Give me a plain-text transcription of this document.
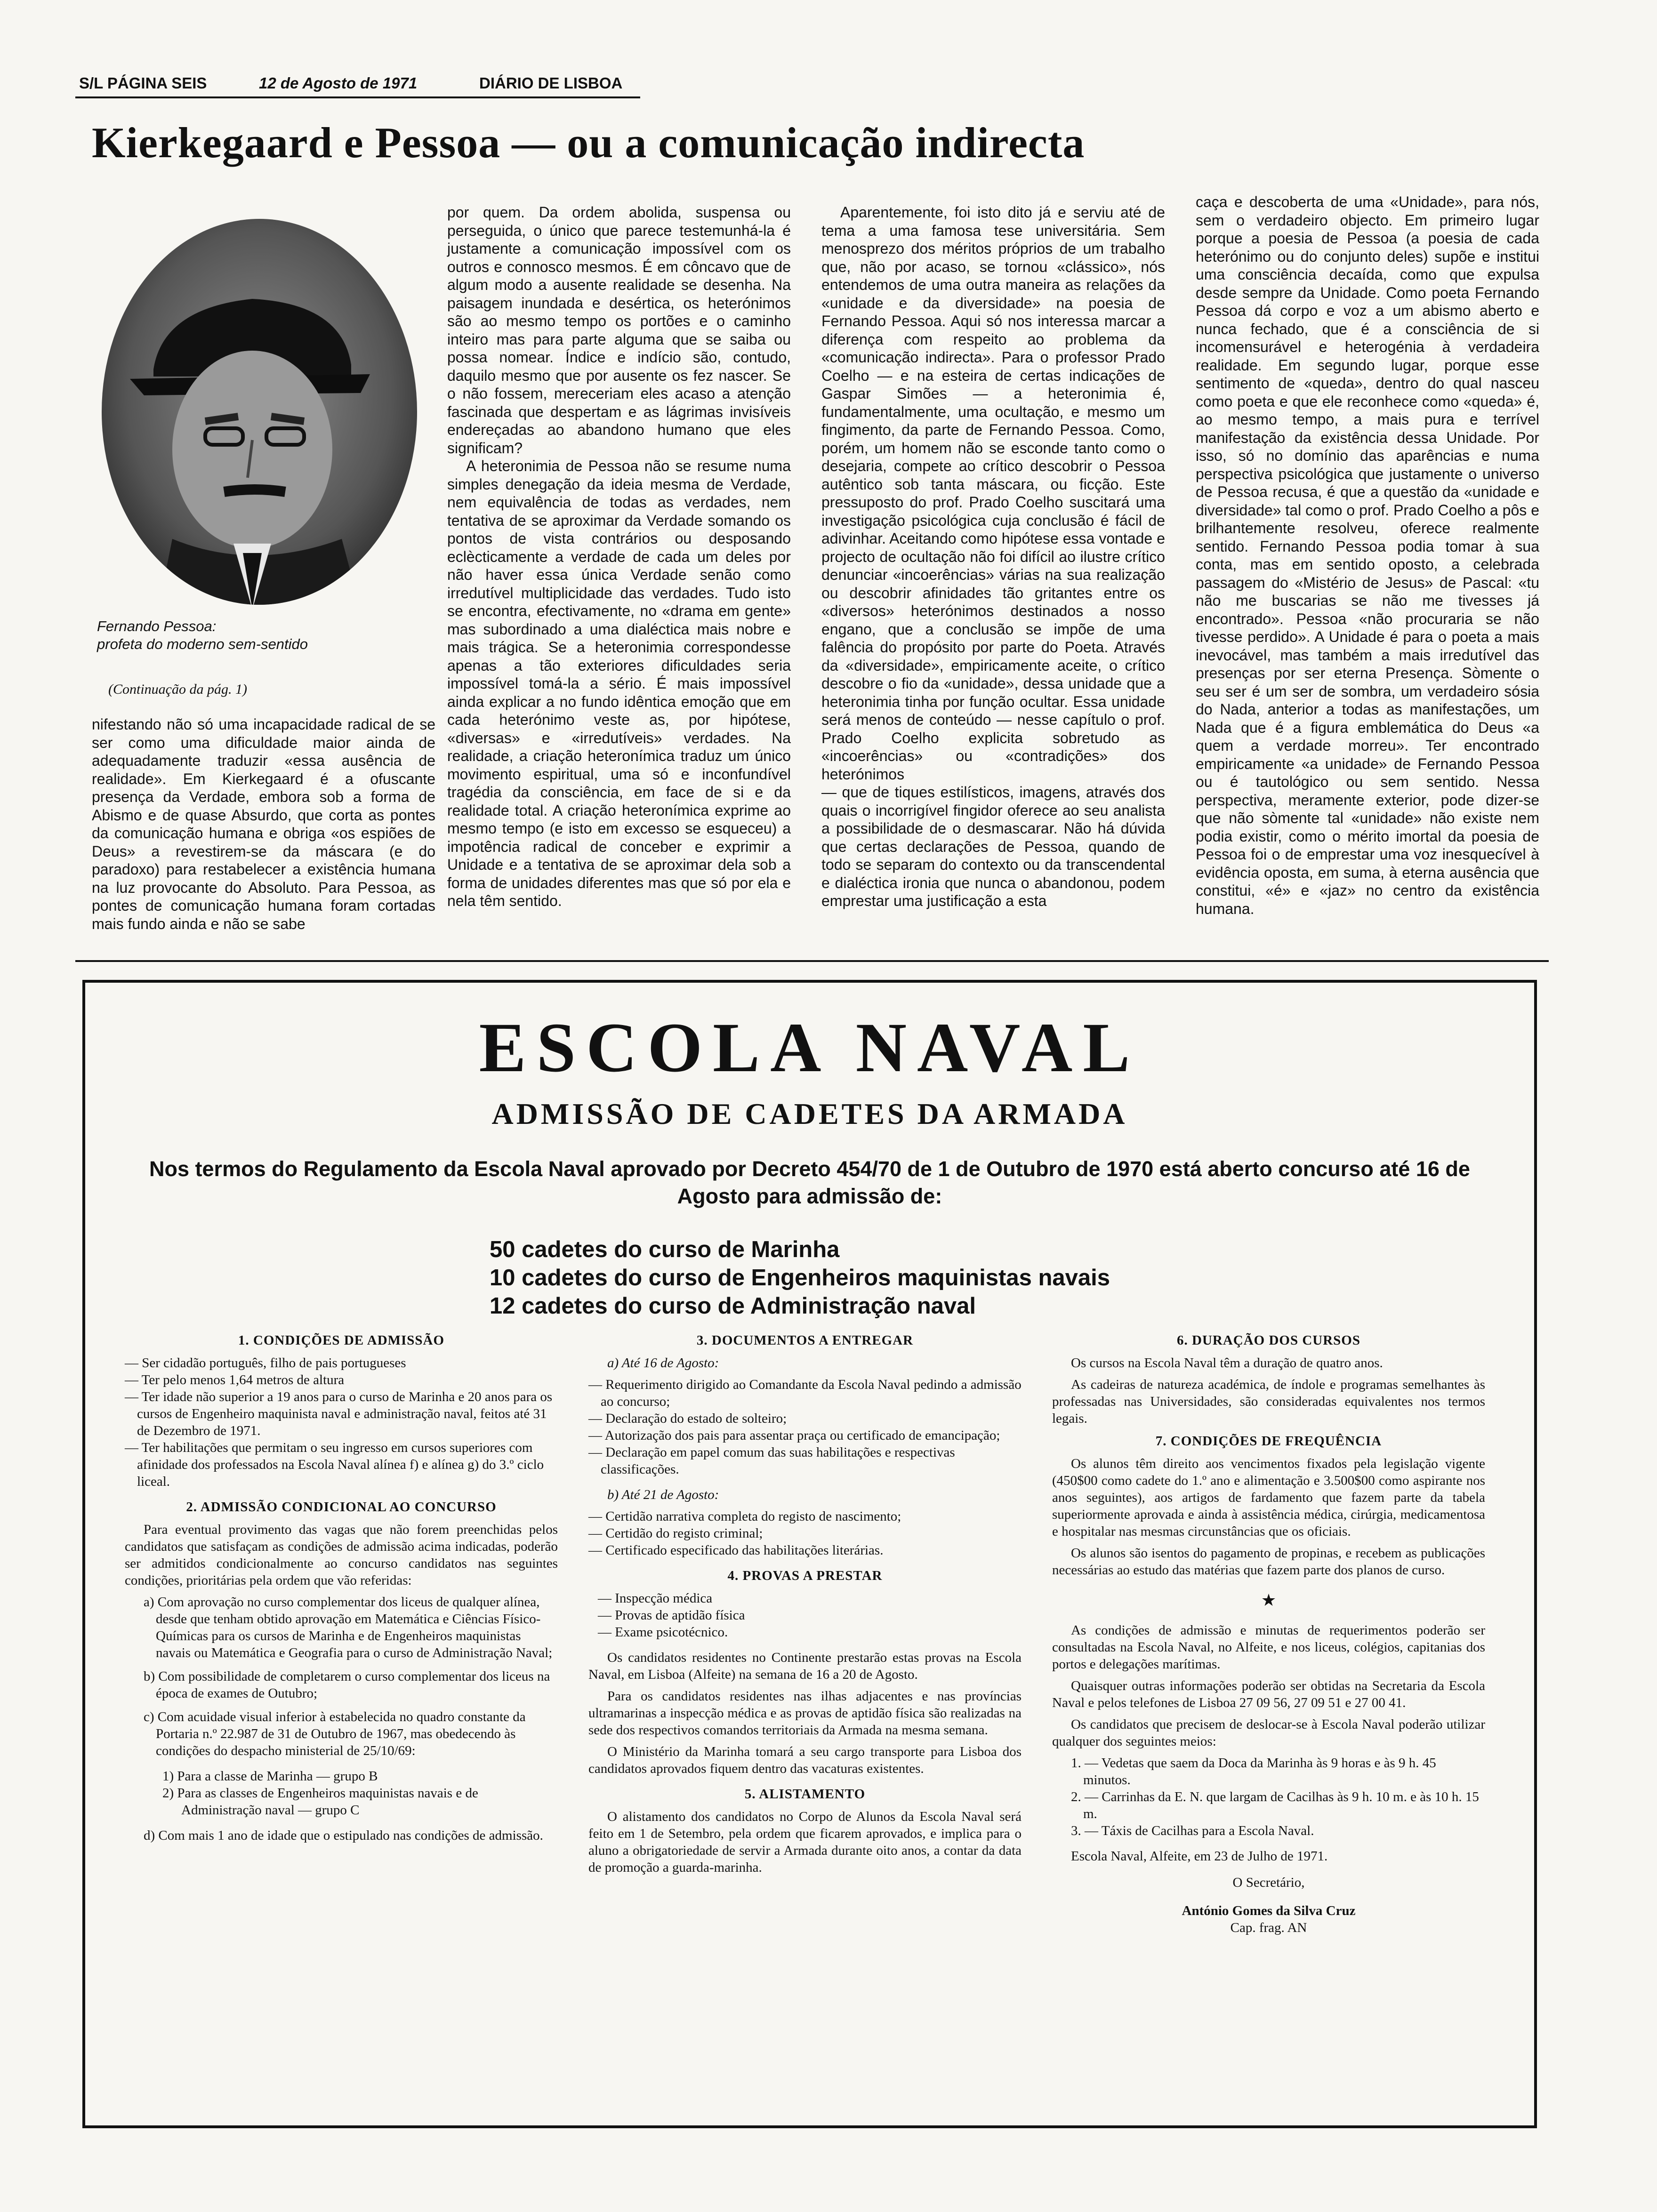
S/L PÁGINA SEIS	12 de Agosto de 1971	DIÁRIO DE LISBOA
Kierkegaard e Pessoa — ou a comunicação indirecta
Fernando Pessoa:
profeta do moderno sem-sentido
(Continuação da pág. 1)

nifestando não só uma incapacidade radical de se ser como uma dificuldade maior ainda de adequadamente traduzir «essa ausência de realidade». Em Kierkegaard é a ofuscante presença da Verdade, embora sob a forma de Abismo e de quase Absurdo, que corta as pontes da comunicação humana e obriga «os espiões de Deus» a revestirem-se da máscara (e do paradoxo) para restabelecer a existência humana na luz provocante do Absoluto. Para Pessoa, as pontes de comunicação humana foram cortadas mais fundo ainda e não se sabe

por quem. Da ordem abolida, suspensa ou perseguida, o único que parece testemunhá-la é justamente a comunicação impossível com os outros e connosco mesmos. É em côncavo que de algum modo a ausente realidade se desenha. Na paisagem inundada e desértica, os heterónimos são ao mesmo tempo os portões e o caminho inteiro mas para parte alguma que se saiba ou possa nomear. Índice e indício são, contudo, daquilo mesmo que por ausente os fez nascer. Se o não fossem, mereceriam eles acaso a atenção fascinada que despertam e as lágrimas invisíveis endereçadas ao abandono humano que eles significam?

A heteronimia de Pessoa não se resume numa simples denegação da ideia mesma de Verdade, nem equivalência de todas as verdades, nem tentativa de se aproximar da Verdade somando os pontos de vista contrários ou desposando eclècticamente a verdade de cada um deles por não haver essa única Verdade senão como irredutível multiplicidade das verdades. Tudo isto se encontra, efectivamente, no «drama em gente» mas subordinado a uma dialéctica mais nobre e mais trágica. Se a heteronimia correspondesse apenas a tão exteriores dificuldades seria impossível tomá-la a sério. É mais impossível ainda explicar a no fundo idêntica emoção que em cada heterónimo veste as, por hipótese, «diversas» e «irredutíveis» verdades. Na realidade, a criação heteronímica traduz um único movimento espiritual, uma só e inconfundível tragédia da consciência, em face de si e da realidade total. A criação heteronímica exprime ao mesmo tempo (e isto em excesso se esqueceu) a impotência radical de conceber e exprimir a Unidade e a tentativa de se aproximar dela sob a forma de unidades diferentes mas que só por ela e nela têm sentido.

Aparentemente, foi isto dito já e serviu até de tema a uma famosa tese universitária. Sem menosprezo dos méritos próprios de um trabalho que, não por acaso, se tornou «clássico», nós entendemos de uma outra maneira as relações da «unidade e da diversidade» na poesia de Fernando Pessoa. Aqui só nos interessa marcar a diferença com respeito ao problema da «comunicação indirecta». Para o professor Prado Coelho — e na esteira de certas indicações de Gaspar Simões — a heteronimia é, fundamentalmente, uma ocultação, e mesmo um fingimento, da parte de Fernando Pessoa. Como, porém, um homem não se esconde tanto como o desejaria, compete ao crítico descobrir o Pessoa autêntico sob tanta máscara, ou ficção. Este pressuposto do prof. Prado Coelho suscitará uma investigação psicológica cuja conclusão é fácil de adivinhar. Aceitando como hipótese essa vontade e projecto de ocultação não foi difícil ao ilustre crítico denunciar «incoerências» várias na sua realização ou descobrir afinidades tão gritantes entre os «diversos» heterónimos destinados a nosso engano, que a conclusão se impõe de uma falência do propósito por parte do Poeta. Através da «diversidade», empiricamente aceite, o crítico descobre o fio da «unidade», dessa unidade que a heteronimia tinha por função ocultar. Essa unidade será menos de conteúdo — nesse capítulo o prof. Prado Coelho explicita sobretudo as «incoerências» ou «contradições» dos heterónimos

— que de tiques estilísticos, imagens, através dos quais o incorrigível fingidor oferece ao seu analista a possibilidade de o desmascarar. Não há dúvida que certas declarações de Pessoa, quando de todo se separam do contexto ou da transcendental e dialéctica ironia que nunca o abandonou, podem emprestar uma justificação a esta

caça e descoberta de uma «Unidade», para nós, sem o verdadeiro objecto. Em primeiro lugar porque a poesia de Pessoa (a poesia de cada heterónimo ou do conjunto deles) supõe e institui uma consciência decaída, como que expulsa desde sempre da Unidade. Como poeta Fernando Pessoa dá corpo e voz a um abismo aberto e nunca fechado, que é a consciência de si incomensurável e heterogénia à verdadeira realidade. Em segundo lugar, porque esse sentimento de «queda», dentro do qual nasceu como poeta e que ele reconhece como «queda» é, ao mesmo tempo, a mais pura e terrível manifestação da existência dessa Unidade. Por isso, só no domínio das aparências e numa perspectiva psicológica que justamente o universo de Pessoa recusa, é que a questão da «unidade e diversidade» tal como o prof. Prado Coelho a pôs e brilhantemente resolveu, oferece realmente sentido. Fernando Pessoa podia tomar à sua conta, mas em sentido oposto, a celebrada passagem do «Mistério de Jesus» de Pascal: «tu não me buscarias se não me tivesses já encontrado». Pessoa «não procuraria se não tivesse perdido». A Unidade é para o poeta a mais inevocável, mas também a mais irredutível das presenças por ser eterna Presença. Sòmente o seu ser é um ser de sombra, um verdadeiro sósia do Nada, anterior a todas as manifestações, um Nada que é a figura emblemática do Deus «a quem a verdade morreu». Ter encontrado empiricamente «a unidade» de Fernando Pessoa ou é tautológico ou sem sentido. Nessa perspectiva, meramente exterior, pode dizer-se que não sòmente tal «unidade» não existe nem podia existir, como o mérito imortal da poesia de Pessoa foi o de emprestar uma voz inesquecível à evidência oposta, em suma, à eterna ausência que constitui, «é» e «jaz» no centro da existência humana.

ESCOLA NAVAL
ADMISSÃO DE CADETES DA ARMADA
Nos termos do Regulamento da Escola Naval aprovado por Decreto 454/70 de 1 de Outubro de 1970 está aberto concurso até 16 de Agosto para admissão de:
50 cadetes do curso de Marinha
10 cadetes do curso de Engenheiros maquinistas navais
12 cadetes do curso de Administração naval
1. CONDIÇÕES DE ADMISSÃO
— Ser cidadão português, filho de pais portugueses
— Ter pelo menos 1,64 metros de altura
— Ter idade não superior a 19 anos para o curso de Marinha e 20 anos para os cursos de Engenheiro maquinista naval e administração naval, feitos até 31 de Dezembro de 1971.
— Ter habilitações que permitam o seu ingresso em cursos superiores com afinidade dos professados na Escola Naval alínea f) e alínea g) do 3.º ciclo liceal.
2. ADMISSÃO CONDICIONAL AO CONCURSO

Para eventual provimento das vagas que não forem preenchidas pelos candidatos que satisfaçam as condições de admissão acima indicadas, poderão ser admitidos condicionalmente ao concurso candidatos nas seguintes condições, prioritárias pela ordem que vão referidas:

a) Com aprovação no curso complementar dos liceus de qualquer alínea, desde que tenham obtido aprovação em Matemática e Ciências Físico-Químicas para os cursos de Marinha e de Engenheiros maquinistas navais ou Matemática e Geografia para o curso de Administração Naval;
b) Com possibilidade de completarem o curso complementar dos liceus na época de exames de Outubro;
c) Com acuidade visual inferior à estabelecida no quadro constante da Portaria n.º 22.987 de 31 de Outubro de 1967, mas obedecendo às condições do despacho ministerial de 25/10/69:
1) Para a classe de Marinha — grupo B
2) Para as classes de Engenheiros maquinistas navais e de Administração naval — grupo C
d) Com mais 1 ano de idade que o estipulado nas condições de admissão.
3. DOCUMENTOS A ENTREGAR
a) Até 16 de Agosto:
— Requerimento dirigido ao Comandante da Escola Naval pedindo a admissão ao concurso;
— Declaração do estado de solteiro;
— Autorização dos pais para assentar praça ou certificado de emancipação;
— Declaração em papel comum das suas habilitações e respectivas classificações.
b) Até 21 de Agosto:
— Certidão narrativa completa do registo de nascimento;
— Certidão do registo criminal;
— Certificado especificado das habilitações literárias.
4. PROVAS A PRESTAR
— Inspecção médica
— Provas de aptidão física
— Exame psicotécnico.

Os candidatos residentes no Continente prestarão estas provas na Escola Naval, em Lisboa (Alfeite) na semana de 16 a 20 de Agosto.

Para os candidatos residentes nas ilhas adjacentes e nas províncias ultramarinas a inspecção médica e as provas de aptidão física são realizadas na sede dos respectivos comandos territoriais da Armada na mesma semana.

O Ministério da Marinha tomará a seu cargo transporte para Lisboa dos candidatos aprovados fiquem dentro das vacaturas existentes.

5. ALISTAMENTO

O alistamento dos candidatos no Corpo de Alunos da Escola Naval será feito em 1 de Setembro, pela ordem que ficarem aprovados, e implica para o aluno a obrigatoriedade de servir a Armada durante oito anos, a contar da data de promoção a guarda-marinha.

6. DURAÇÃO DOS CURSOS

Os cursos na Escola Naval têm a duração de quatro anos.

As cadeiras de natureza académica, de índole e programas semelhantes às professadas nas Universidades, são consideradas equivalentes nos termos legais.

7. CONDIÇÕES DE FREQUÊNCIA

Os alunos têm direito aos vencimentos fixados pela legislação vigente (450$00 como cadete do 1.º ano e alimentação e 3.500$00 como aspirante nos anos seguintes), aos artigos de fardamento que fazem parte da tabela superiormente aprovada e ainda à assistência médica, cirúrgia, medicamentosa e hospitalar nas mesmas circunstâncias que os oficiais.

Os alunos são isentos do pagamento de propinas, e recebem as publicações necessárias ao estudo das matérias que fazem parte dos planos de curso.

★

As condições de admissão e minutas de requerimentos poderão ser consultadas na Escola Naval, no Alfeite, e nos liceus, colégios, capitanias dos portos e delegações marítimas.

Quaisquer outras informações poderão ser obtidas na Secretaria da Escola Naval e pelos telefones de Lisboa 27 09 56, 27 09 51 e 27 00 41.

Os candidatos que precisem de deslocar-se à Escola Naval poderão utilizar qualquer dos seguintes meios:

1. — Vedetas que saem da Doca da Marinha às 9 horas e às 9 h. 45 minutos.
2. — Carrinhas da E. N. que largam de Cacilhas às 9 h. 10 m. e às 10 h. 15 m.
3. — Táxis de Cacilhas para a Escola Naval.

Escola Naval, Alfeite, em 23 de Julho de 1971.

O Secretário,
António Gomes da Silva Cruz
Cap. frag. AN
